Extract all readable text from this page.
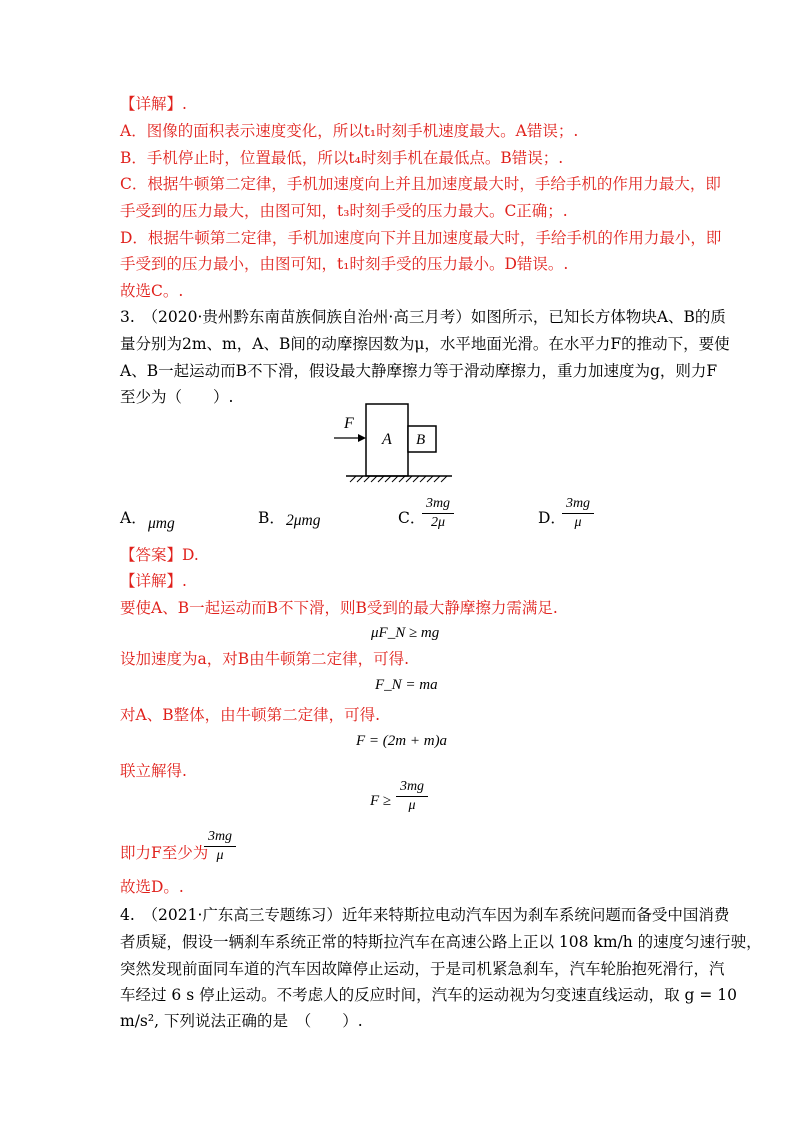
【详解】.
A．图像的面积表示速度变化，所以t₁时刻手机速度最大。A错误；.
B．手机停止时，位置最低，所以t₄时刻手机在最低点。B错误；.
C．根据牛顿第二定律，手机加速度向上并且加速度最大时，手给手机的作用力最大，即
手受到的压力最大，由图可知，t₃时刻手受的压力最大。C正确；.
D．根据牛顿第二定律，手机加速度向下并且加速度最大时，手给手机的作用力最小，即
手受到的压力最小，由图可知，t₁时刻手受的压力最小。D错误。.
故选C。.
3.　（2020·贵州黔东南苗族侗族自治州·高三月考）如图所示，已知长方体物块A、B的质
量分别为2m、m，A、B间的动摩擦因数为μ，水平地面光滑。在水平力F的推动下，要使
A、B一起运动而B不下滑，假设最大静摩擦力等于滑动摩擦力，重力加速度为g，则力F
至少为（　　）.
F
A B
A． μmg	B． 2μmg	C．
$\frac{3mg}{2\mu}$	D．
$\frac{3mg}{\mu}$
【答案】D.
【详解】.
要使A、B一起运动而B不下滑，则B受到的最大静摩擦力需满足.
μF_N ≥ mg
设加速度为a，对B由牛顿第二定律，可得.
F_N = ma
对A、B整体，由牛顿第二定律，可得.
F = (2m + m)a
联立解得.
$F \ge \frac{3mg}{\mu}$
即力F至少为
$\frac{3mg}{\mu}$
故选D。.
4.　（2021·广东高三专题练习）近年来特斯拉电动汽车因为刹车系统问题而备受中国消费
者质疑，假设一辆刹车系统正常的特斯拉汽车在高速公路上正以 108 km/h 的速度匀速行驶，
突然发现前面同车道的汽车因故障停止运动，于是司机紧急刹车，汽车轮胎抱死滑行，汽
车经过 6 s 停止运动。不考虑人的反应时间，汽车的运动视为匀变速直线运动，取 g = 10
m/s², 下列说法正确的是　（　　）.
